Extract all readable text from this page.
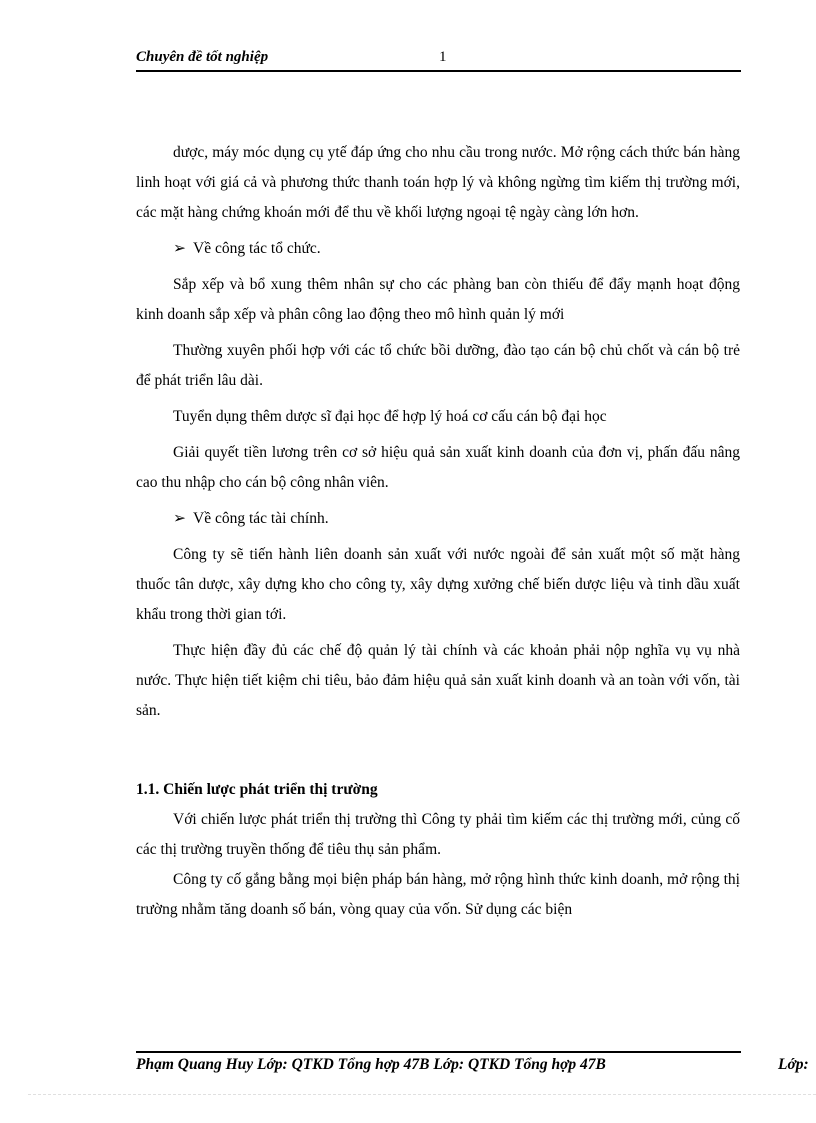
Chuyên đề tốt nghiệp	1

dược, máy móc dụng cụ ytế đáp ứng cho nhu cầu trong nước. Mở rộng cách thức bán hàng linh hoạt với giá cả và phương thức thanh toán hợp lý và không ngừng tìm kiếm thị trường mới, các mặt hàng chứng khoán mới để thu về khối lượng ngoại tệ ngày càng lớn hơn.

➢ Về công tác tổ chức.

Sắp xếp và bổ xung thêm nhân sự cho các phàng ban còn thiếu để đẩy mạnh hoạt động kinh doanh sắp xếp và phân công lao động theo mô hình quản lý mới

Thường xuyên phối hợp với các tổ chức bồi dưỡng, đào tạo cán bộ chủ chốt và cán bộ trẻ để phát triển lâu dài.

Tuyển dụng thêm dược sĩ đại học để hợp lý hoá cơ cấu cán bộ đại học

Giải quyết tiền lương trên cơ sở hiệu quả sản xuất kinh doanh của đơn vị, phấn đấu nâng cao thu nhập cho cán bộ công nhân viên.

➢ Về công tác tài chính.

Công ty sẽ tiến hành liên doanh sản xuất với nước ngoài để sản xuất một số mặt hàng thuốc tân dược, xây dựng kho cho công ty, xây dựng xưởng chế biến dược liệu và tinh dầu xuất khẩu trong thời gian tới.

Thực hiện đầy đủ các chế độ quản lý tài chính và các khoản phải nộp nghĩa vụ vụ nhà nước. Thực hiện tiết kiệm chi tiêu, bảo đảm hiệu quả sản xuất kinh doanh và an toàn với vốn, tài sản.

1.1. Chiến lược phát triển thị trường

Với chiến lược phát triển thị trường thì Công ty phải tìm kiếm các thị trường mới, củng cố các thị trường truyền thống để tiêu thụ sản phẩm.

Công ty cố gắng bằng mọi biện pháp bán hàng, mở rộng hình thức kinh doanh, mở rộng thị trường nhằm tăng doanh số bán, vòng quay của vốn. Sử dụng các biện

Phạm Quang Huy Lớp: QTKD Tổng hợp 47B Lớp: QTKD Tổng hợp 47B	Lớp:
